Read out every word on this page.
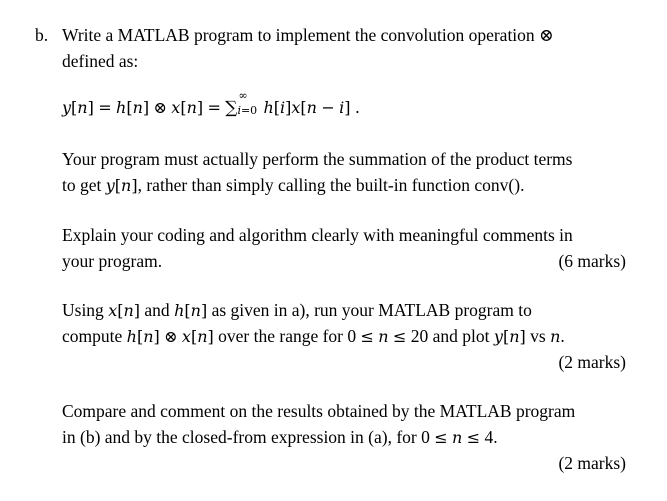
b. Write a MATLAB program to implement the convolution operation ⊗
defined as:
y[n] = h[n] ⊗ x[n] = ∑
∞
i=0 h[i]x[n − i] .
Your program must actually perform the summation of the product terms
to get y[n], rather than simply calling the built-in function conv().
Explain your coding and algorithm clearly with meaningful comments in
your program.	(6 marks)
Using x[n] and h[n] as given in a), run your MATLAB program to
compute h[n] ⊗ x[n] over the range for 0 ≤ n ≤ 20 and plot y[n] vs n.
(2 marks)
Compare and comment on the results obtained by the MATLAB program
in (b) and by the closed-from expression in (a), for 0 ≤ n ≤ 4.
(2 marks)
